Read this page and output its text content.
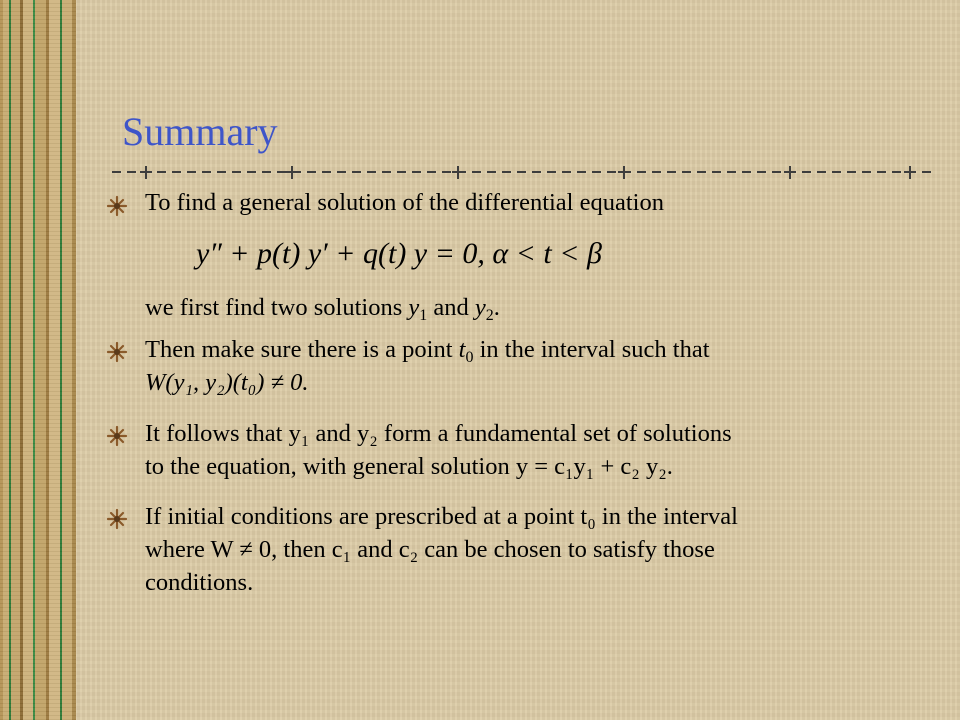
Summary
To find a general solution of the differential equation
y″ + p(t) y′ + q(t) y = 0, α < t < β
we first find two solutions $y_1$ and $y_2$.
Then make sure there is a point $t_0$ in the interval such that
W(y₁, y₂)(t₀) ≠ 0.
It follows that y₁ and y₂ form a fundamental set of solutions
to the equation, with general solution y = c₁y₁ + c₂ y₂.
If initial conditions are prescribed at a point t₀ in the interval
where W ≠ 0, then c₁ and c₂ can be chosen to satisfy those
conditions.
